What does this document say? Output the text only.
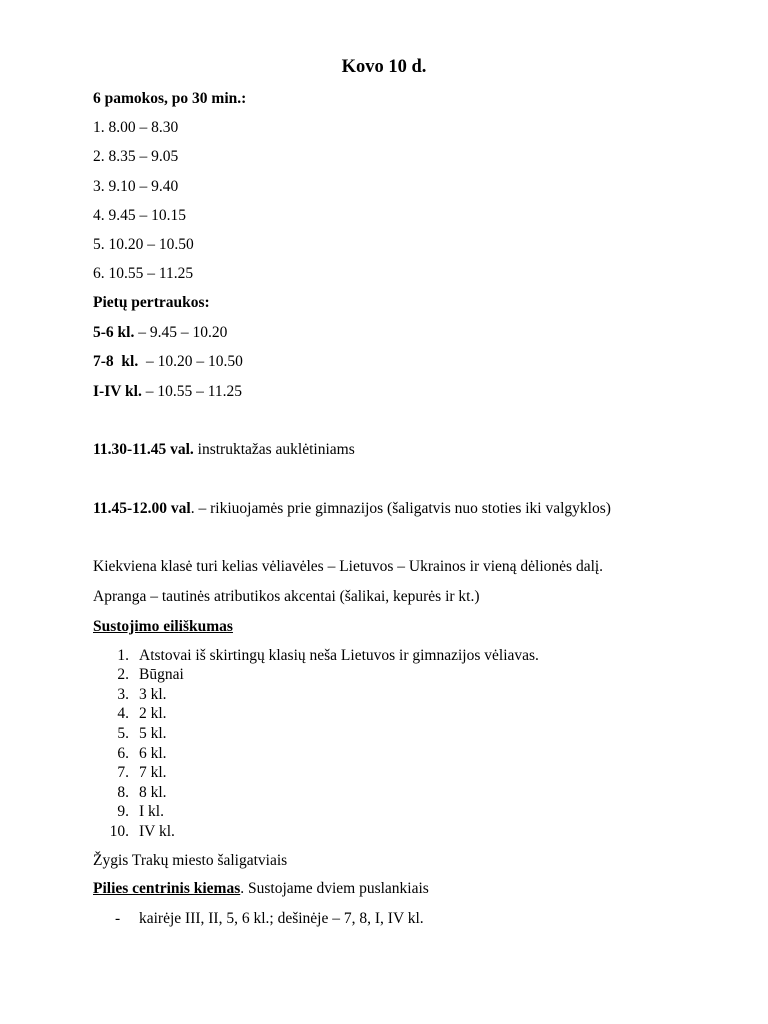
Kovo 10 d.

6 pamokos, po 30 min.:

1. 8.00 – 8.30

2. 8.35 – 9.05

3. 9.10 – 9.40

4. 9.45 – 10.15

5. 10.20 – 10.50

6. 10.55 – 11.25

Pietų pertraukos:

5-6 kl. – 9.45 – 10.20

7-8  kl.  – 10.20 – 10.50

I-IV kl. – 10.55 – 11.25

11.30-11.45 val. instruktažas auklėtiniams

11.45-12.00 val. – rikiuojamės prie gimnazijos (šaligatvis nuo stoties iki valgyklos)

Kiekviena klasė turi kelias vėliavėles – Lietuvos – Ukrainos ir vieną dėlionės dalį.

Apranga – tautinės atributikos akcentai (šalikai, kepurės ir kt.)

Sustojimo eiliškumas

1. Atstovai iš skirtingų klasių neša Lietuvos ir gimnazijos vėliavas.
2. Būgnai
3. 3 kl.
4. 2 kl.
5. 5 kl.
6. 6 kl.
7. 7 kl.
8. 8 kl.
9. I kl.
10. IV kl.

Žygis Trakų miesto šaligatviais

Pilies centrinis kiemas. Sustojame dviem puslankiais

- kairėje III, II, 5, 6 kl.; dešinėje – 7, 8, I, IV kl.
